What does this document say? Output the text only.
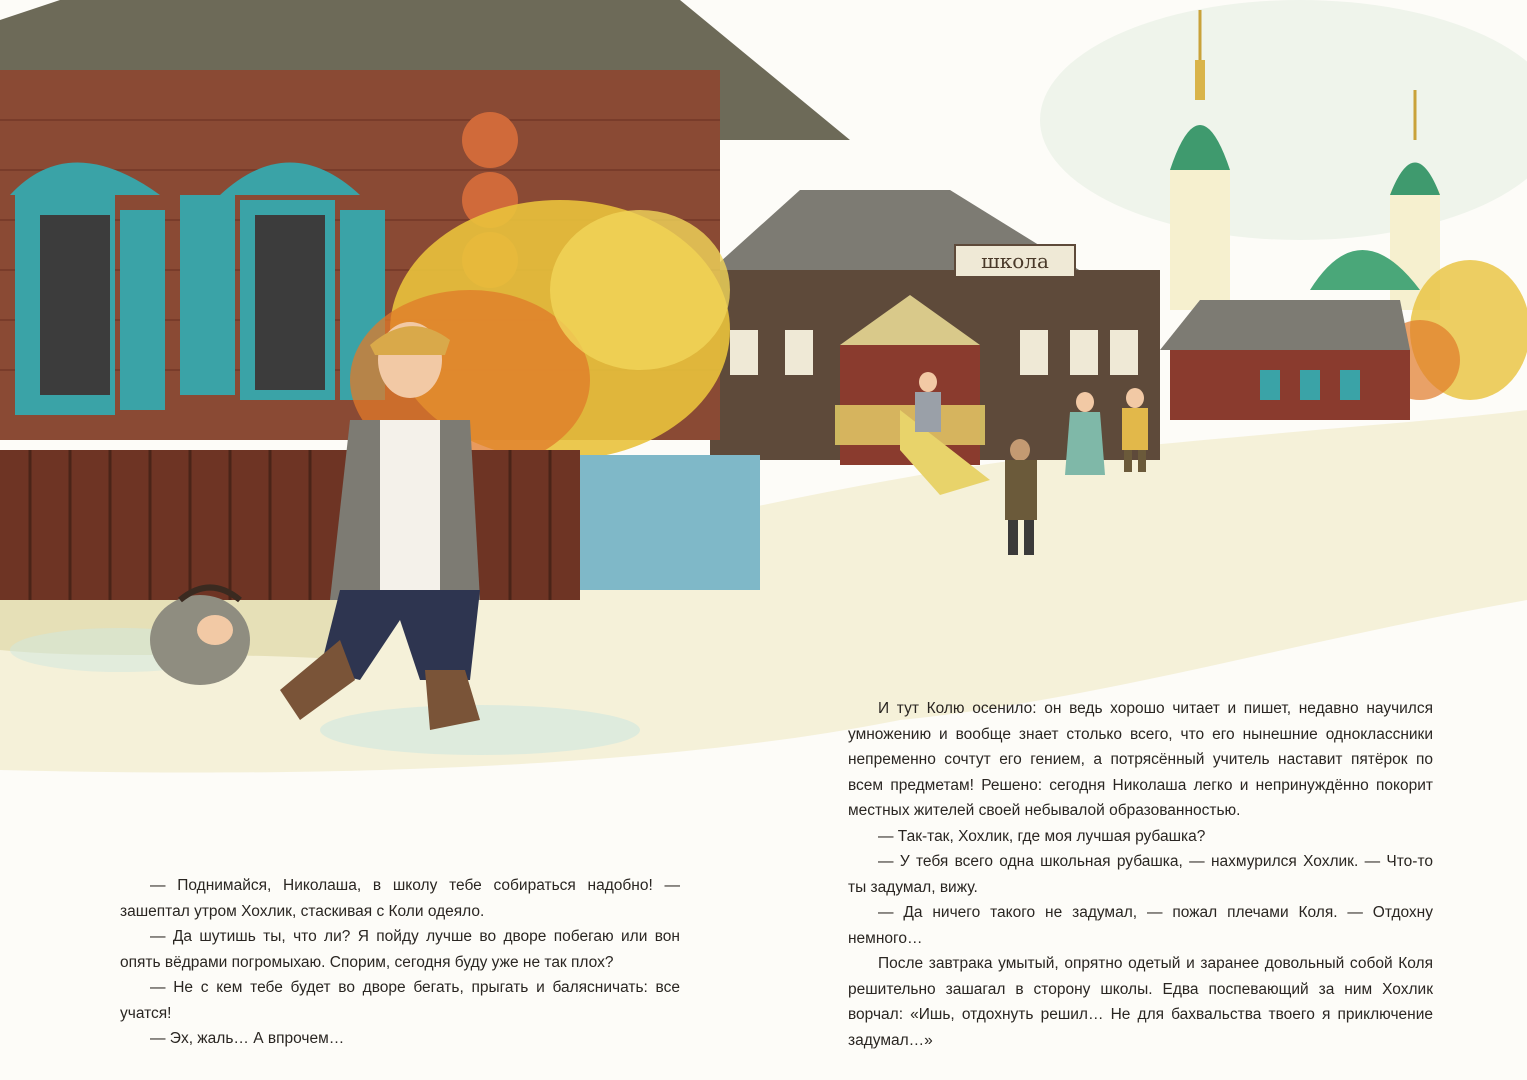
школа

— Поднимайся, Николаша, в школу тебе собираться надобно! — зашептал утром Хохлик, стаскивая с Коли одеяло.

— Да шутишь ты, что ли? Я пойду лучше во дворе побегаю или вон опять вёдрами погромыхаю. Спорим, сегодня буду уже не так плох?

— Не с кем тебе будет во дворе бегать, прыгать и балясничать: все учатся!

— Эх, жаль… А впрочем…

И тут Колю осенило: он ведь хорошо читает и пишет, недавно научился умножению и вообще знает столько всего, что его нынешние одноклассники непременно сочтут его гением, а потрясённый учитель наставит пятёрок по всем предметам! Решено: сегодня Николаша легко и непринуждённо покорит местных жителей своей небывалой образованностью.

— Так-так, Хохлик, где моя лучшая рубашка?

— У тебя всего одна школьная рубашка, — нахмурился Хохлик. — Что-то ты задумал, вижу.

— Да ничего такого не задумал, — пожал плечами Коля. — Отдохну немного…

После завтрака умытый, опрятно одетый и заранее довольный собой Коля решительно зашагал в сторону школы. Едва поспевающий за ним Хохлик ворчал: «Ишь, отдохнуть решил… Не для бахвальства твоего я приключение задумал…»
